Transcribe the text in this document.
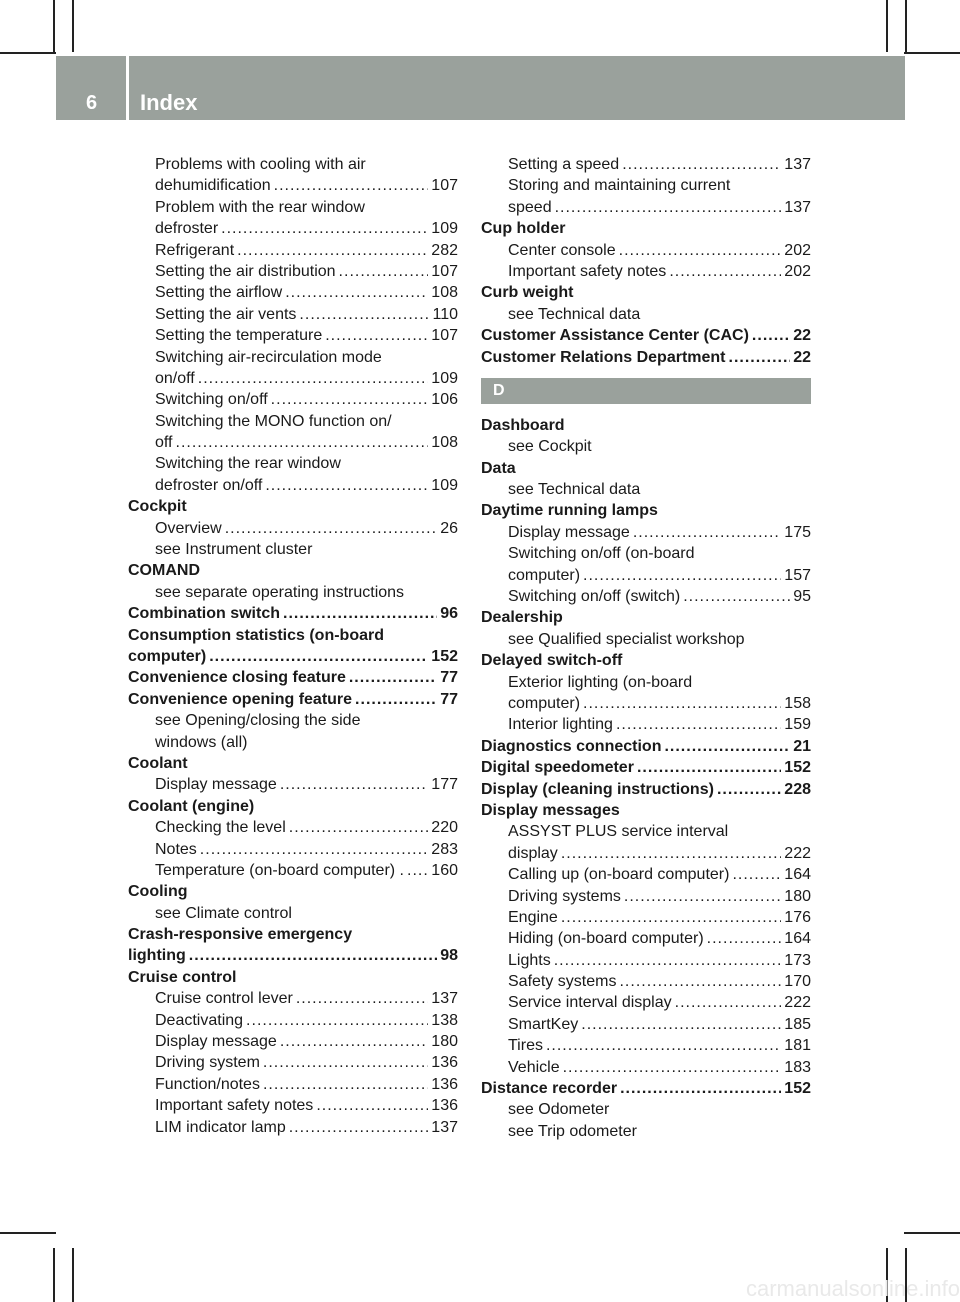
6 Index
Problems with cooling with air
dehumidification .....	107
Problem with the rear window
defroster .....	109
Refrigerant .....	282
Setting the air distribution .....	107
Setting the airflow .....	108
Setting the air vents .....	110
Setting the temperature .....	107
Switching air-recirculation mode
on/off .....	109
Switching on/off .....	106
Switching the MONO function on/
off .....	108
Switching the rear window
defroster on/off .....	109
Cockpit
Overview .....	26
see Instrument cluster
COMAND
see separate operating instructions
Combination switch .....	96
Consumption statistics (on-board
computer) .....	152
Convenience closing feature .....	77
Convenience opening feature .....	77
see Opening/closing the side
windows (all)
Coolant
Display message .....	177
Coolant (engine)
Checking the level .....	220
Notes .....	283
Temperature (on-board computer) . ..... 160
Cooling
see Climate control
Crash-responsive emergency
lighting .....	98
Cruise control
Cruise control lever .....	137
Deactivating .....	138
Display message .....	180
Driving system .....	136
Function/notes .....	136
Important safety notes .....	136
LIM indicator lamp .....	137
Setting a speed .....	137
Storing and maintaining current
speed .....	137
Cup holder
Center console .....	202
Important safety notes .....	202
Curb weight
see Technical data
Customer Assistance Center (CAC) .....	22
Customer Relations Department .....	22
D
Dashboard
see Cockpit
Data
see Technical data
Daytime running lamps
Display message .....	175
Switching on/off (on-board
computer) .....	157
Switching on/off (switch) .....	95
Dealership
see Qualified specialist workshop
Delayed switch-off
Exterior lighting (on-board
computer) .....	158
Interior lighting .....	159
Diagnostics connection .....	21
Digital speedometer .....	152
Display (cleaning instructions) .....	228
Display messages
ASSYST PLUS service interval
display .....	222
Calling up (on-board computer) .....	164
Driving systems .....	180
Engine .....	176
Hiding (on-board computer) .....	164
Lights .....	173
Safety systems .....	170
Service interval display .....	222
SmartKey .....	185
Tires .....	181
Vehicle .....	183
Distance recorder .....	152
see Odometer
see Trip odometer
carmanualsonline.info
